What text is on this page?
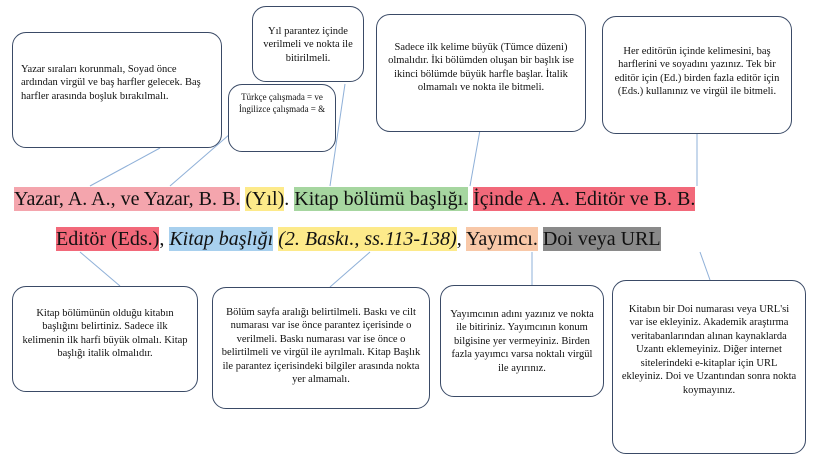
Yazar sıraları korunmalı, Soyad önce ardından virgül ve baş harfler gelecek. Baş harfler arasında boşluk bırakılmalı.	Türkçe çalışmada = ve İngilizce çalışmada = &
Yıl parantez içinde verilmeli ve nokta ile bitirilmeli.
Sadece ilk kelime büyük (Tümce düzeni) olmalıdır. İki bölümden oluşan bir başlık ise ikinci bölümde büyük harfle başlar. İtalik olmamalı ve nokta ile bitmeli.
Her editörün içinde kelimesini, baş harflerini ve soyadını yazınız. Tek bir editör için (Ed.) birden fazla editör için (Eds.) kullanınız ve virgül ile bitmeli.
Yazar, A. A., ve Yazar, B. B. (Yıl). Kitap bölümü başlığı. İçinde A. A. Editör ve B. B.
Editör (Eds.), Kitap başlığı (2. Baskı., ss.113-138), Yayımcı. Doi veya URL
Kitap bölümünün olduğu kitabın başlığını belirtiniz. Sadece ilk kelimenin ilk harfi büyük olmalı. Kitap başlığı italik olmalıdır.
Bölüm sayfa aralığı belirtilmeli. Baskı ve cilt numarası var ise önce parantez içerisinde o verilmeli. Baskı numarası var ise önce o belirtilmeli ve virgül ile ayrılmalı. Kitap Başlık ile parantez içerisindeki bilgiler arasında nokta yer almamalı.
Yayımcının adını yazınız ve nokta ile bitiriniz. Yayımcının konum bilgisine yer vermeyiniz. Birden fazla yayımcı varsa noktalı virgül ile ayırınız.
Kitabın bir Doi numarası veya URL'si var ise ekleyiniz. Akademik araştırma veritabanlarından alınan kaynaklarda Uzantı eklemeyiniz. Diğer internet sitelerindeki e-kitaplar için URL ekleyiniz. Doi ve Uzantından sonra nokta koymayınız.
